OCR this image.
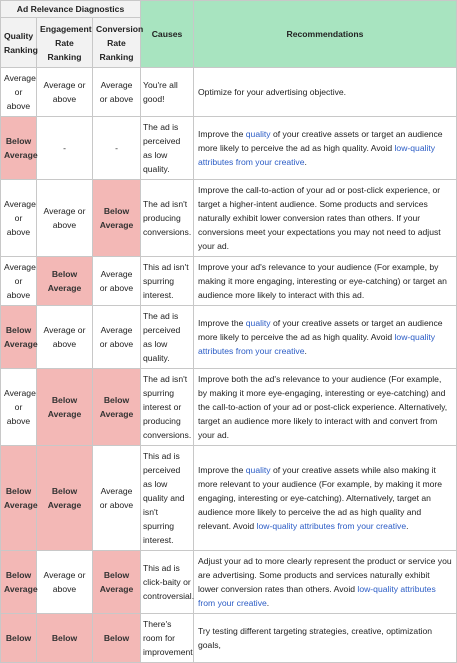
Ad Relevance Diagnostics			Causes	Recommendations
Quality Ranking	Engagement Rate Ranking	Conversion Rate Ranking		
Average or above	Average or above	Average or above	You're all good!	Optimize for your advertising objective.
Below Average	-	-	The ad is perceived as low quality.	Improve the quality of your creative assets or target an audience more likely to perceive the ad as high quality. Avoid low-quality attributes from your creative.
Average or above	Average or above	Below Average	The ad isn't producing conversions.	Improve the call-to-action of your ad or post-click experience, or target a higher-intent audience. Some products and services naturally exhibit lower conversion rates than others. If your conversions meet your expectations you may not need to adjust your ad.
Average or above	Below Average	Average or above	This ad isn't spurring interest.	Improve your ad's relevance to your audience (For example, by making it more engaging, interesting or eye-catching) or target an audience more likely to interact with this ad.
Below Average	Average or above	Average or above	The ad is perceived as low quality.	Improve the quality of your creative assets or target an audience more likely to perceive the ad as high quality. Avoid low-quality attributes from your creative.
Average or above	Below Average	Below Average	The ad isn't spurring interest or producing conversions.	Improve both the ad's relevance to your audience (For example, by making it more eye-engaging, interesting or eye-catching) and the call-to-action of your ad or post-click experience. Alternatively, target an audience more likely to interact with and convert from your ad.
Below Average	Below Average	Average or above	This ad is perceived as low quality and isn't spurring interest.	Improve the quality of your creative assets while also making it more relevant to your audience (For example, by making it more engaging, interesting or eye-catching). Alternatively, target an audience more likely to perceive the ad as high quality and relevant. Avoid low-quality attributes from your creative.
Below Average	Average or above	Below Average	This ad is click-baity or controversial.	Adjust your ad to more clearly represent the product or service you are advertising. Some products and services naturally exhibit lower conversion rates than others. Avoid low-quality attributes from your creative.
Below	Below	Below	There's room for improvement	Try testing different targeting strategies, creative, optimization goals,
